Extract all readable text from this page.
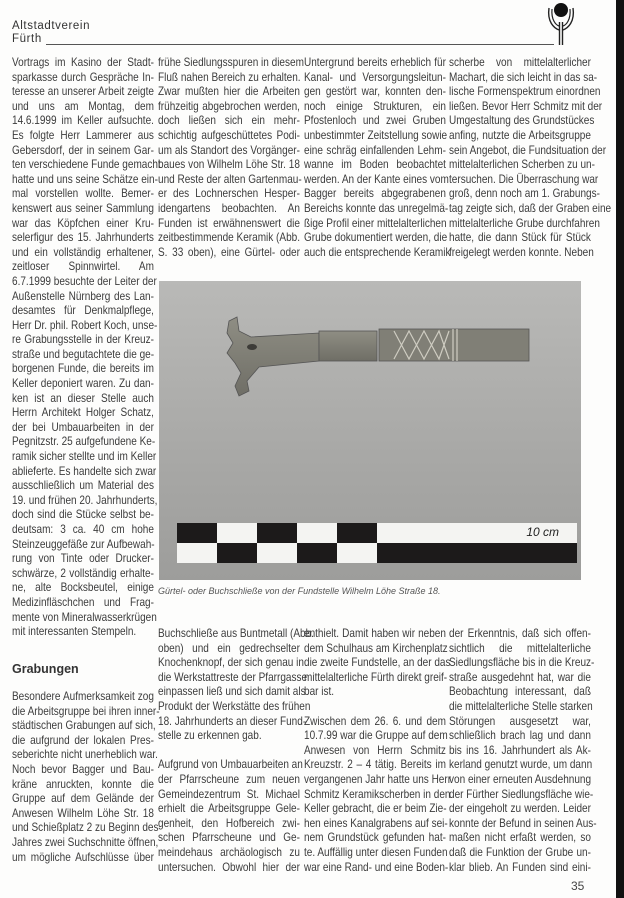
Altstadtverein
Fürth
Vortrags im Kasino der Stadt-
sparkasse durch Gespräche In-
teresse an unserer Arbeit zeigte
und uns am Montag, dem
14.6.1999 im Keller aufsuchte.
Es folgte Herr Lammerer aus
Gebersdorf, der in seinem Gar-
ten verschiedene Funde gemacht
hatte und uns seine Schätze ein-
mal vorstellen wollte. Bemer-
kenswert aus seiner Sammlung
war das Köpfchen einer Kru-
selerfigur des 15. Jahrhunderts
und ein vollständig erhaltener,
zeitloser Spinnwirtel. Am
6.7.1999 besuchte der Leiter der
Außenstelle Nürnberg des Lan-
desamtes für Denkmalpflege,
Herr Dr. phil. Robert Koch, unse-
re Grabungsstelle in der Kreuz-
straße und begutachtete die ge-
borgenen Funde, die bereits im
Keller deponiert waren. Zu dan-
ken ist an dieser Stelle auch
Herrn Architekt Holger Schatz,
der bei Umbauarbeiten in der
Pegnitzstr. 25 aufgefundene Ke-
ramik sicher stellte und im Keller
ablieferte. Es handelte sich zwar
ausschließlich um Material des
19. und frühen 20. Jahrhunderts,
doch sind die Stücke selbst be-
deutsam: 3 ca. 40 cm hohe
Steinzeuggefäße zur Aufbewah-
rung von Tinte oder Drucker-
schwärze, 2 vollständig erhalte-
ne, alte Bocksbeutel, einige
Medizinfläschchen und Frag-
mente von Mineralwasserkrügen
mit interessanten Stempeln.
frühe Siedlungsspuren in diesem
Fluß nahen Bereich zu erhalten.
Zwar mußten hier die Arbeiten
frühzeitig abgebrochen werden,
doch ließen sich ein mehr-
schichtig aufgeschüttetes Podi-
um als Standort des Vorgänger-
baues von Wilhelm Löhe Str. 18
und Reste der alten Gartenmau-
er des Lochnerschen Hesper-
idengartens beobachten. An
Funden ist erwähnenswert die
zeitbestimmende Keramik (Abb.
S. 33 oben), eine Gürtel- oder
Untergrund bereits erheblich für
Kanal- und Versorgungsleitun-
gen gestört war, konnten den-
noch einige Strukturen, ein
Pfostenloch und zwei Gruben
unbestimmter Zeitstellung sowie
eine schräg einfallenden Lehm-
wanne im Boden beobachtet
werden. An der Kante eines vom
Bagger bereits abgegrabenen
Bereichs konnte das unregelmä-
ßige Profil einer mittelalterlichen
Grube dokumentiert werden, die
auch die entsprechende Keramik
scherbe von mittelalterlicher
Machart, die sich leicht in das sa-
lische Formenspektrum einordnen
ließen. Bevor Herr Schmitz mit der
Umgestaltung des Grundstückes
anfing, nutzte die Arbeitsgruppe
sein Angebot, die Fundsituation der
mittelalterlichen Scherben zu un-
tersuchen. Die Überraschung war
groß, denn noch am 1. Grabungs-
tag zeigte sich, daß der Graben eine
mittelalterliche Grube durchfahren
hatte, die dann Stück für Stück
freigelegt werden konnte. Neben
10 cm
Gürtel- oder Buchschließe von der Fundstelle Wilhelm Löhe Straße 18.
Grabungen
Besondere Aufmerksamkeit zog
die Arbeitsgruppe bei ihren inner-
städtischen Grabungen auf sich,
die aufgrund der lokalen Pres-
seberichte nicht unerheblich war.
Noch bevor Bagger und Bau-
kräne anruckten, konnte die
Gruppe auf dem Gelände der
Anwesen Wilhelm Löhe Str. 18
und Schießplatz 2 zu Beginn des
Jahres zwei Suchschnitte öffnen,
um mögliche Aufschlüsse über
Buchschließe aus Buntmetall (Abb.
oben) und ein gedrechselter
Knochenknopf, der sich genau in
die Werkstattreste der Pfarrgasse
einpassen ließ und sich damit als
Produkt der Werkstätte des frühen
18. Jahrhunderts an dieser Fund-
stelle zu erkennen gab.
Aufgrund von Umbauarbeiten an
der Pfarrscheune zum neuen
Gemeindezentrum St. Michael
erhielt die Arbeitsgruppe Gele-
genheit, den Hofbereich zwi-
schen Pfarrscheune und Ge-
meindehaus archäologisch zu
untersuchen. Obwohl hier der
enthielt. Damit haben wir neben
dem Schulhaus am Kirchenplatz
die zweite Fundstelle, an der das
mittelalterliche Fürth direkt greif-
bar ist.
Zwischen dem 26. 6. und dem
10.7.99 war die Gruppe auf dem
Anwesen von Herrn Schmitz
Kreuzstr. 2 – 4 tätig. Bereits im
vergangenen Jahr hatte uns Herr
Schmitz Keramikscherben in den
Keller gebracht, die er beim Zie-
hen eines Kanalgrabens auf sei-
nem Grundstück gefunden hat-
te. Auffällig unter diesen Funden
war eine Rand- und eine Boden-
der Erkenntnis, daß sich offen-
sichtlich die mittelalterliche
Siedlungsfläche bis in die Kreuz-
straße ausgedehnt hat, war die
Beobachtung interessant, daß
die mittelalterliche Stelle starken
Störungen ausgesetzt war,
schließlich brach lag und dann
bis ins 16. Jahrhundert als Ak-
kerland genutzt wurde, um dann
von einer erneuten Ausdehnung
der Fürther Siedlungsfläche wie-
der eingeholt zu werden. Leider
konnte der Befund in seinen Aus-
maßen nicht erfaßt werden, so
daß die Funktion der Grube un-
klar blieb. An Funden sind eini-
35
